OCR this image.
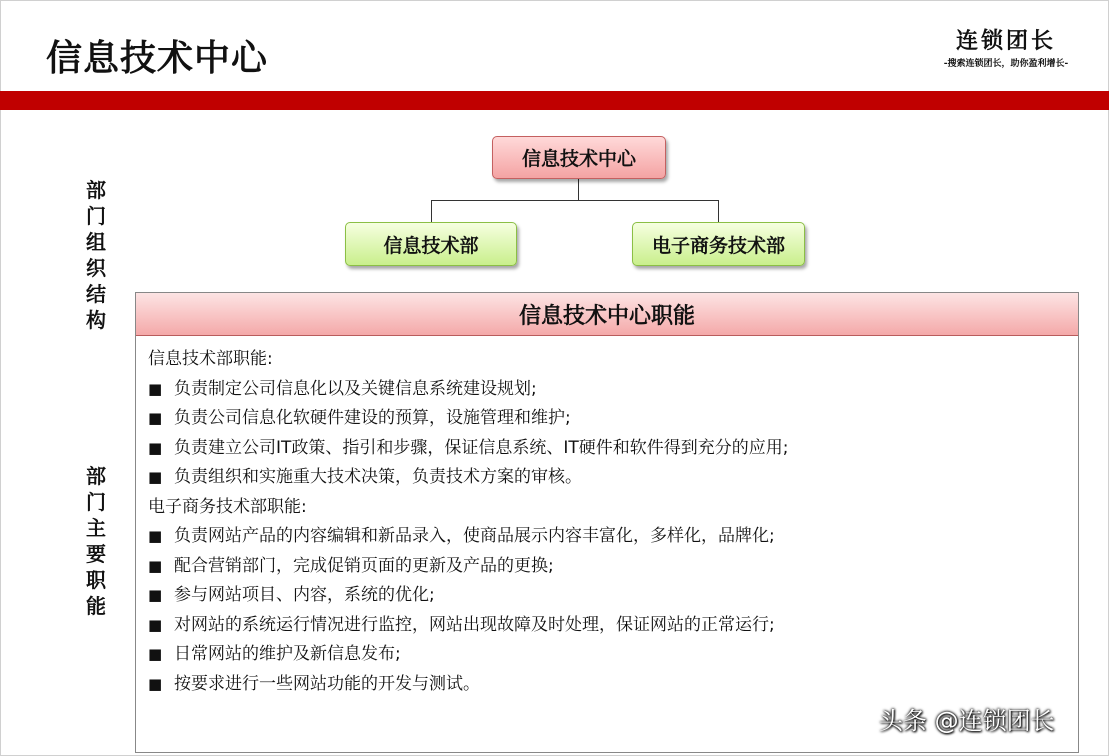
信息技术中心	连锁团长
-搜索连锁团长，助你盈利增长-
部
门
组
织
结
构
部
门
主
要
职
能
信息技术中心
信息技术部	电子商务技术部
信息技术中心职能
信息技术部职能:
■ 负责制定公司信息化以及关键信息系统建设规划;
■ 负责公司信息化软硬件建设的预算，设施管理和维护;
■ 负责建立公司IT政策、指引和步骤，保证信息系统、IT硬件和软件得到充分的应用;
■ 负责组织和实施重大技术决策，负责技术方案的审核。
电子商务技术部职能:
■ 负责网站产品的内容编辑和新品录入，使商品展示内容丰富化，多样化，品牌化;
■ 配合营销部门，完成促销页面的更新及产品的更换;
■ 参与网站项目、内容，系统的优化;
■ 对网站的系统运行情况进行监控，网站出现故障及时处理，保证网站的正常运行;
■ 日常网站的维护及新信息发布;
■ 按要求进行一些网站功能的开发与测试。
头条 @连锁团长
